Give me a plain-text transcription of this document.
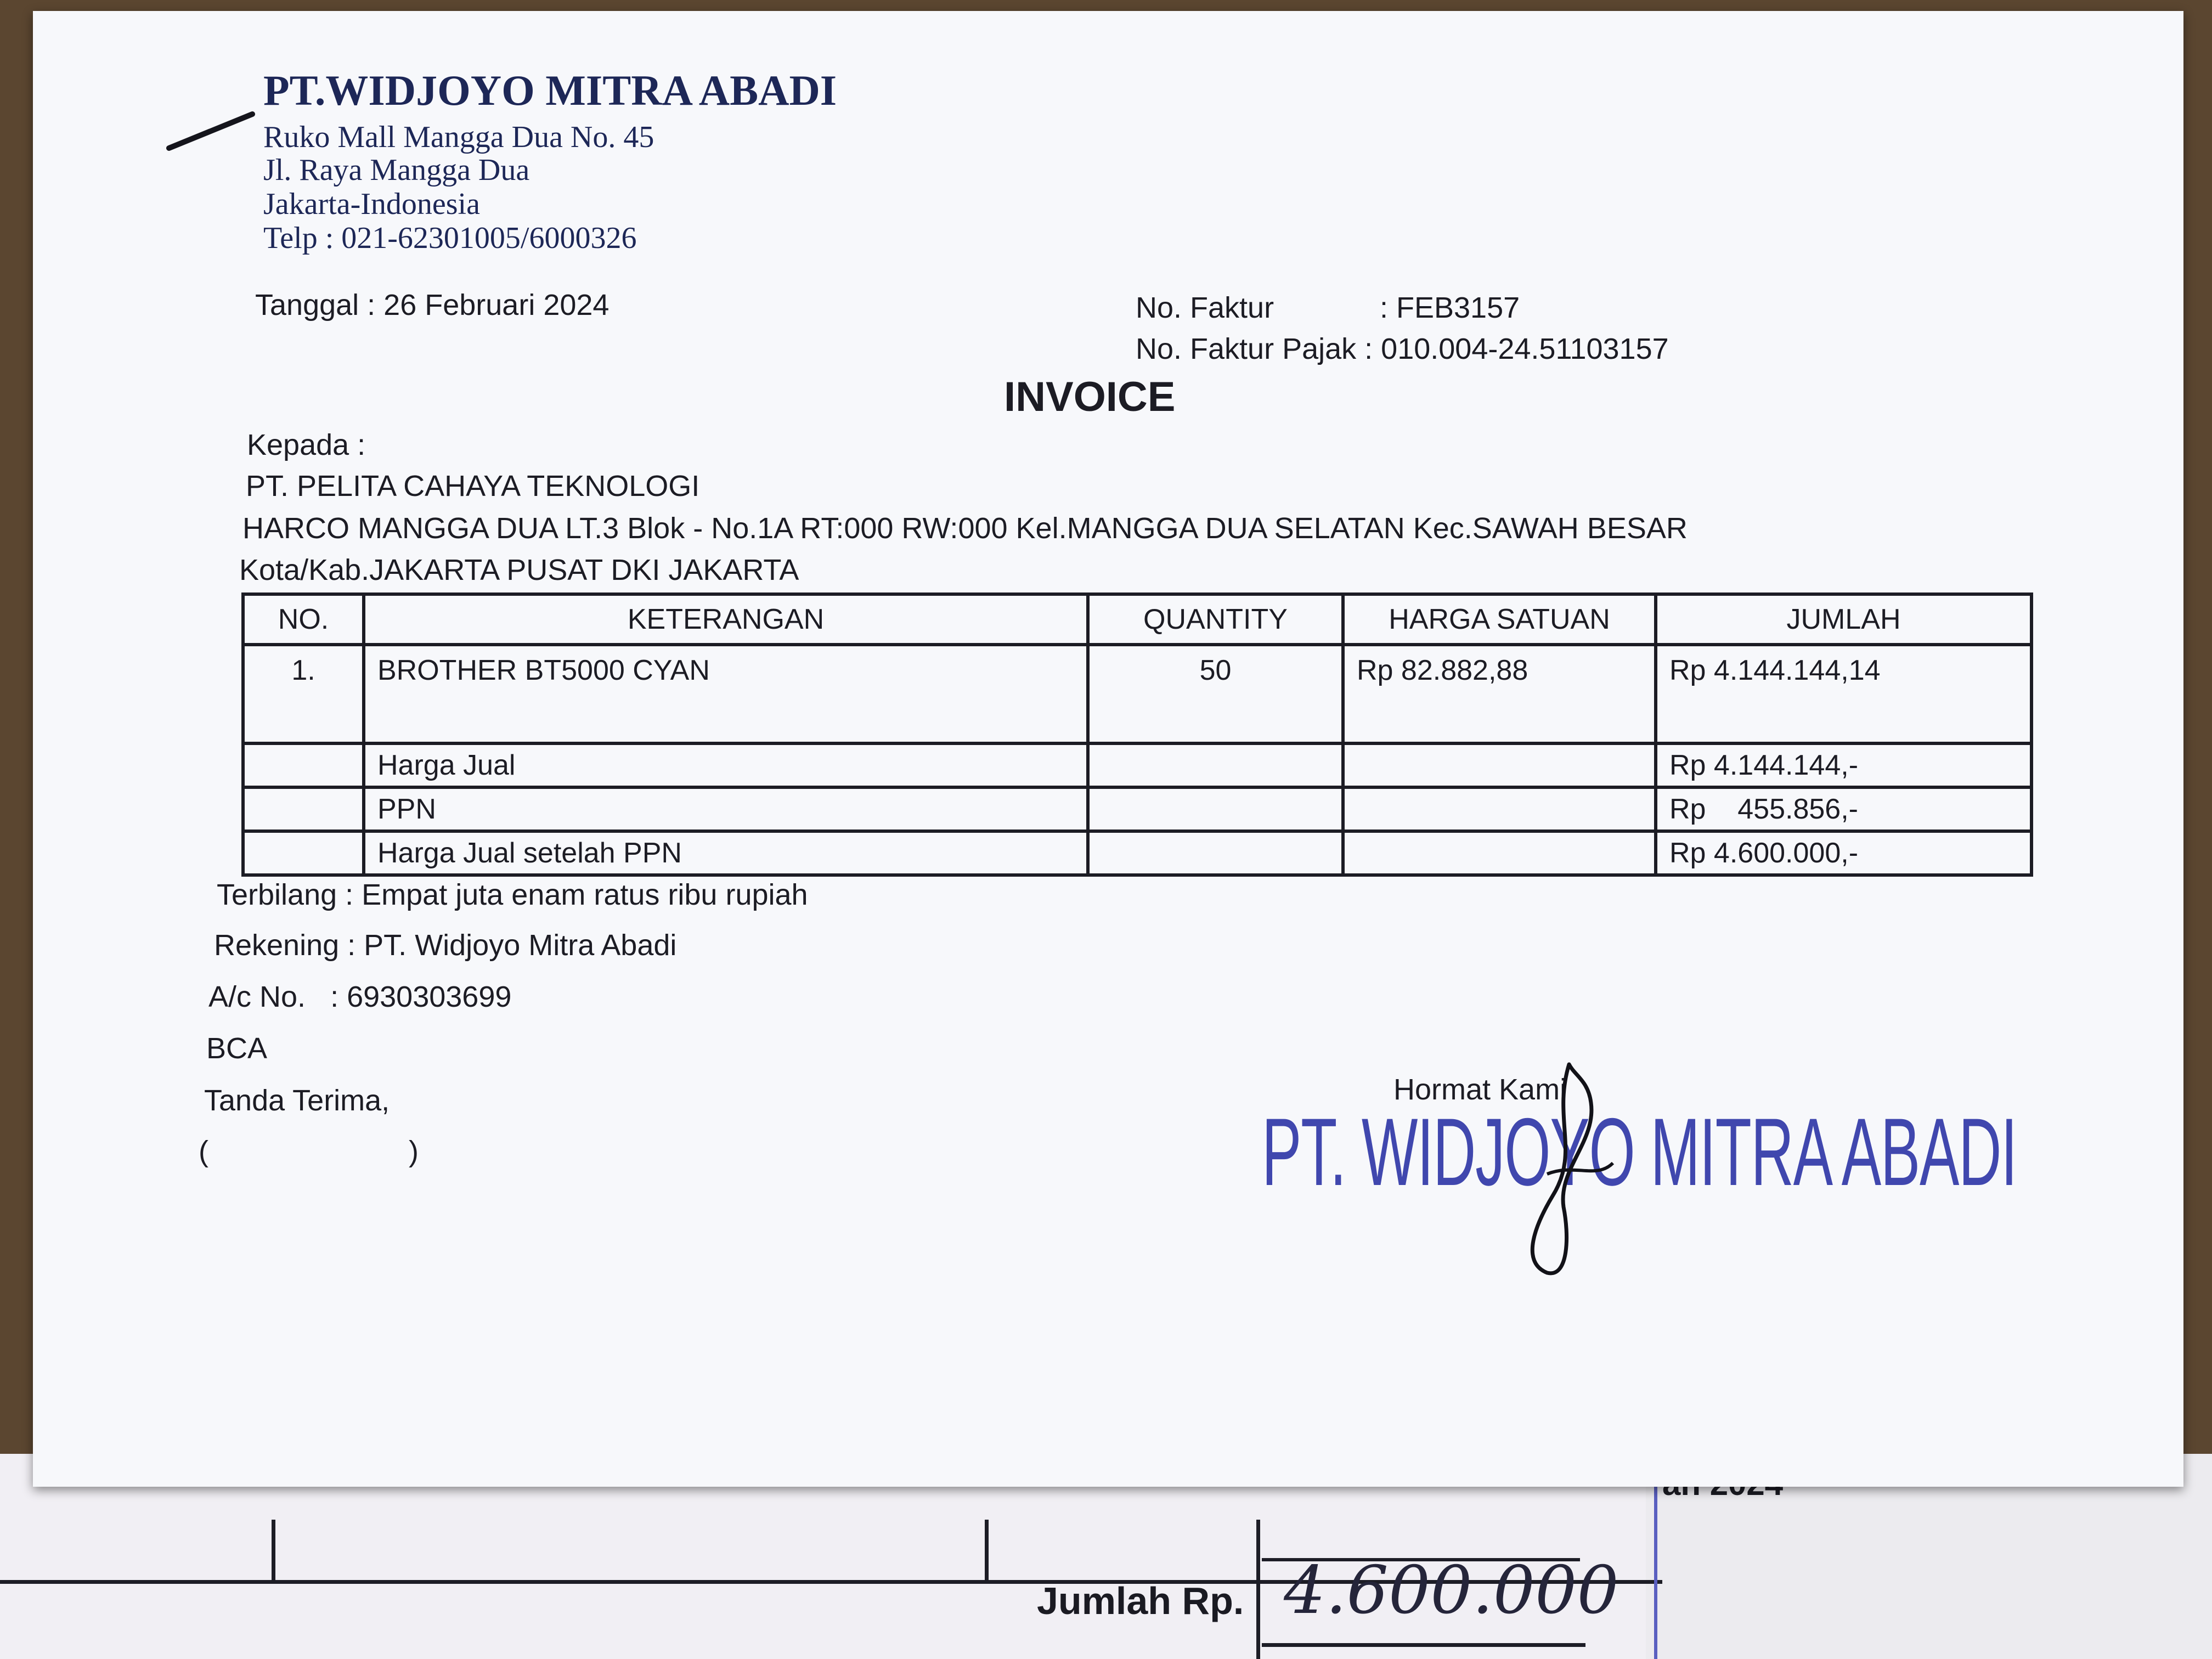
Jumlah Rp. 4.600.000
PT.WIDJOYO MITRA ABADI
Ruko Mall Mangga Dua No. 45
Jl. Raya Mangga Dua
Jakarta-Indonesia
Telp : 021-62301005/6000326
Tanggal : 26 Februari 2024	No. Faktur	: FEB3157
No. Faktur Pajak : 010.004-24.51103157
INVOICE
Kepada :
PT. PELITA CAHAYA TEKNOLOGI
HARCO MANGGA DUA LT.3 Blok - No.1A RT:000 RW:000 Kel.MANGGA DUA SELATAN Kec.SAWAH BESAR
Kota/Kab.JAKARTA PUSAT DKI JAKARTA
NO.	KETERANGAN	QUANTITY	HARGA SATUAN	JUMLAH
1.	BROTHER BT5000 CYAN	50	Rp 82.882,88	Rp 4.144.144,14
	Harga Jual			Rp 4.144.144,-
	PPN			Rp    455.856,-
	Harga Jual setelah PPN			Rp 4.600.000,-
Terbilang : Empat juta enam ratus ribu rupiah
Rekening : PT. Widjoyo Mitra Abadi
A/c No.   : 6930303699
BCA
Tanda Terima,
(	)
Hormat Kami
PT. WIDJOYO MITRA ABADI
